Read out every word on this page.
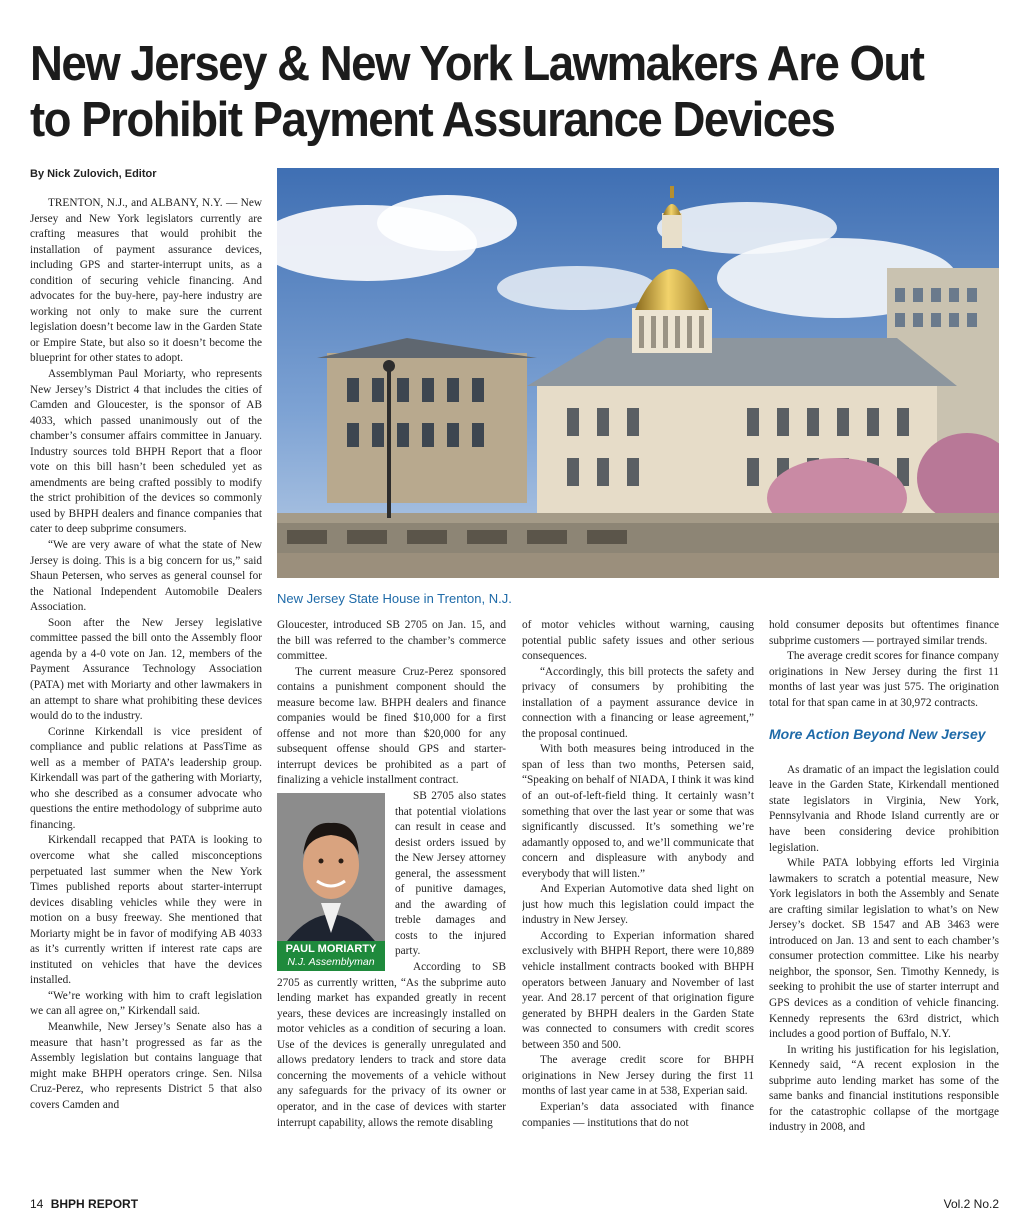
New Jersey & New York Lawmakers Are Out to Prohibit Payment Assurance Devices
By Nick Zulovich, Editor

TRENTON, N.J., and ALBANY, N.Y. — New Jersey and New York legislators currently are crafting measures that would prohibit the installation of payment assurance devices, including GPS and starter-interrupt units, as a condition of securing vehicle financing. And advocates for the buy-here, pay-here industry are working not only to make sure the current legislation doesn’t become law in the Garden State or Empire State, but also so it doesn’t become the blueprint for other states to adopt.

Assemblyman Paul Moriarty, who represents New Jersey’s District 4 that includes the cities of Camden and Gloucester, is the sponsor of AB 4033, which passed unanimously out of the chamber’s consumer affairs committee in January. Industry sources told BHPH Report that a floor vote on this bill hasn’t been scheduled yet as amendments are being crafted possibly to modify the strict prohibition of the devices so commonly used by BHPH dealers and finance companies that cater to deep subprime consumers.

“We are very aware of what the state of New Jersey is doing. This is a big concern for us,” said Shaun Petersen, who serves as general counsel for the National Independent Automobile Dealers Association.

Soon after the New Jersey legislative committee passed the bill onto the Assembly floor agenda by a 4-0 vote on Jan. 12, members of the Payment Assurance Technology Association (PATA) met with Moriarty and other lawmakers in an attempt to share what prohibiting these devices would do to the industry.

Corinne Kirkendall is vice president of compliance and public relations at PassTime as well as a member of PATA’s leadership group. Kirkendall was part of the gathering with Moriarty, who she described as a consumer advocate who questions the entire methodology of subprime auto financing.

Kirkendall recapped that PATA is looking to overcome what she called misconceptions perpetuated last summer when the New York Times published reports about starter-interrupt devices disabling vehicles while they were in motion on a busy freeway. She mentioned that Moriarty might be in favor of modifying AB 4033 as it’s currently written if interest rate caps are instituted on vehicles that have the devices installed.

“We’re working with him to craft legislation we can all agree on,” Kirkendall said.

Meanwhile, New Jersey’s Senate also has a measure that hasn’t progressed as far as the Assembly legislation but contains language that might make BHPH operators cringe. Sen. Nilsa Cruz-Perez, who represents District 5 that also covers Camden and

New Jersey State House in Trenton, N.J.

Gloucester, introduced SB 2705 on Jan. 15, and the bill was referred to the chamber’s commerce committee.

The current measure Cruz-Perez sponsored contains a punishment component should the measure become law. BHPH dealers and finance companies would be fined $10,000 for a first offense and not more than $20,000 for any subsequent offense should GPS and starter-interrupt devices be prohibited as a part of finalizing a vehicle installment contract.

PAUL MORIARTY
N.J. Assemblyman

SB 2705 also states that potential violations can result in cease and desist orders issued by the New Jersey attorney general, the assessment of punitive damages, and the awarding of treble damages and costs to the injured party.

According to SB 2705 as currently written, “As the subprime auto lending market has expanded greatly in recent years, these devices are increasingly installed on motor vehicles as a condition of securing a loan. Use of the devices is generally unregulated and allows predatory lenders to track and store data concerning the movements of a vehicle without any safeguards for the privacy of its owner or operator, and in the case of devices with starter interrupt capability, allows the remote disabling

of motor vehicles without warning, causing potential public safety issues and other serious consequences.

“Accordingly, this bill protects the safety and privacy of consumers by prohibiting the installation of a payment assurance device in connection with a financing or lease agreement,” the proposal continued.

With both measures being introduced in the span of less than two months, Petersen said, “Speaking on behalf of NIADA, I think it was kind of an out-of-left-field thing. It certainly wasn’t something that over the last year or some that was significantly discussed. It’s something we’re adamantly opposed to, and we’ll communicate that concern and displeasure with anybody and everybody that will listen.”

And Experian Automotive data shed light on just how much this legislation could impact the industry in New Jersey.

According to Experian information shared exclusively with BHPH Report, there were 10,889 vehicle installment contracts booked with BHPH operators between January and November of last year. And 28.17 percent of that origination figure generated by BHPH dealers in the Garden State was connected to consumers with credit scores between 350 and 500.

The average credit score for BHPH originations in New Jersey during the first 11 months of last year came in at 538, Experian said.

Experian’s data associated with finance companies — institutions that do not

hold consumer deposits but oftentimes finance subprime customers — portrayed similar trends.

The average credit scores for finance company originations in New Jersey during the first 11 months of last year was just 575. The origination total for that span came in at 30,972 contracts.

More Action Beyond New Jersey

As dramatic of an impact the legislation could leave in the Garden State, Kirkendall mentioned state legislators in Virginia, New York, Pennsylvania and Rhode Island currently are or have been considering device prohibition legislation.

While PATA lobbying efforts led Virginia lawmakers to scratch a potential measure, New York legislators in both the Assembly and Senate are crafting similar legislation to what’s on New Jersey’s docket. SB 1547 and AB 3463 were introduced on Jan. 13 and sent to each chamber’s consumer protection committee. Like his nearby neighbor, the sponsor, Sen. Timothy Kennedy, is seeking to prohibit the use of starter interrupt and GPS devices as a condition of vehicle financing. Kennedy represents the 63rd district, which includes a good portion of Buffalo, N.Y.

In writing his justification for his legislation, Kennedy said, “A recent explosion in the subprime auto lending market has some of the same banks and financial institutions responsible for the catastrophic collapse of the mortgage industry in 2008, and

14 BHPH REPORT	Vol.2 No.2
